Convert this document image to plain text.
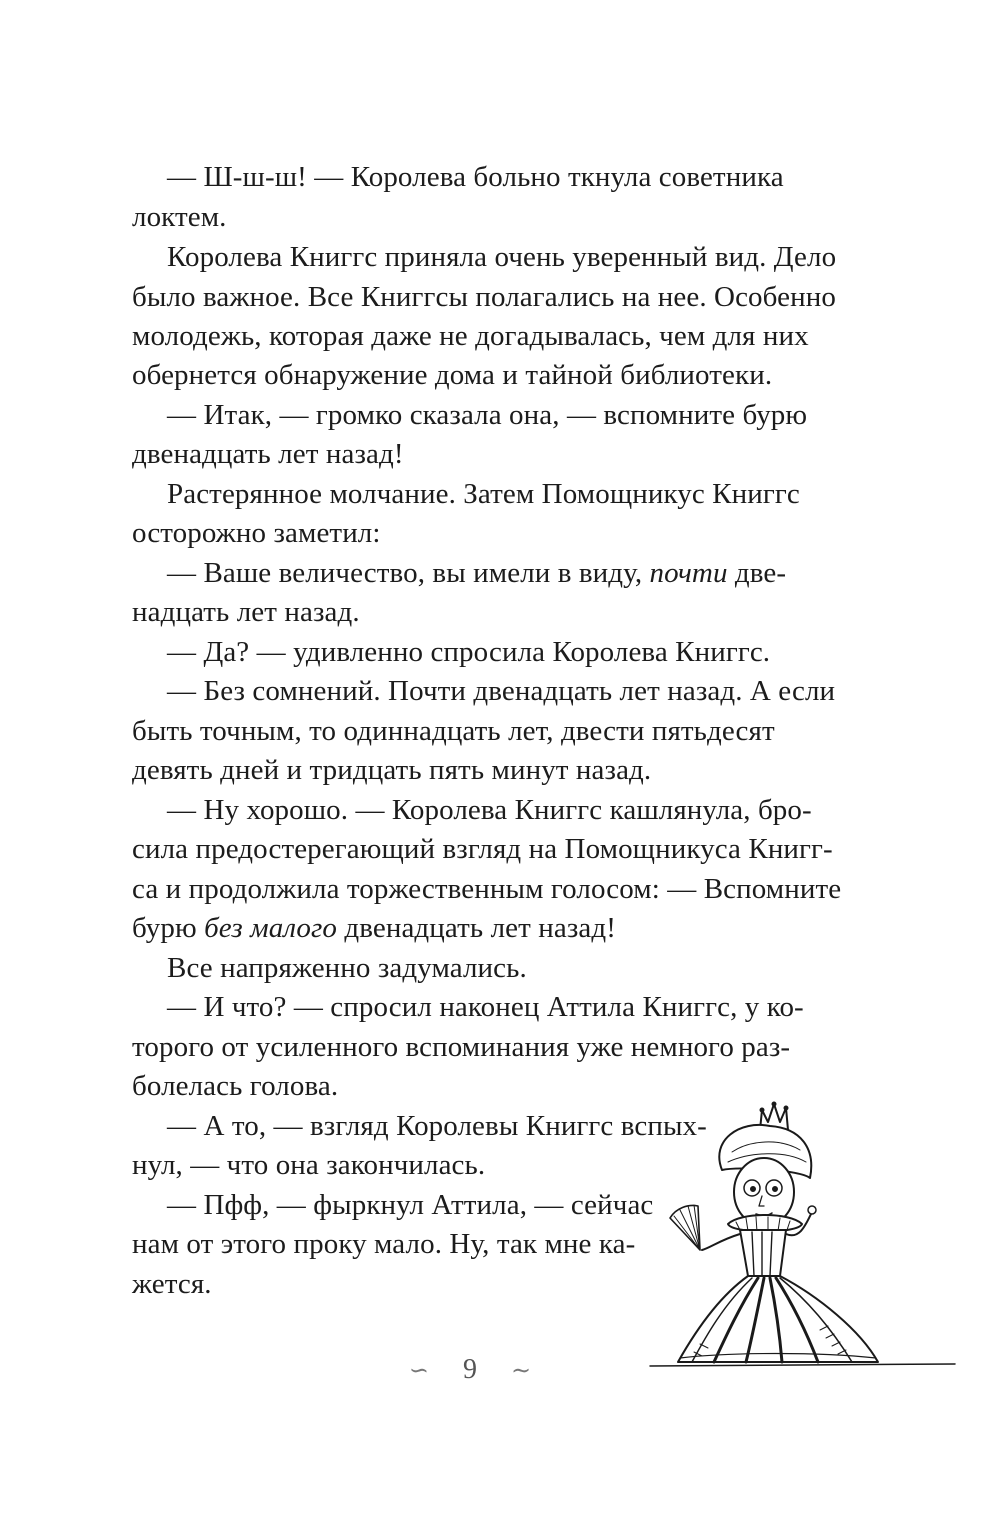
— Ш-ш-ш! — Королева больно ткнула советника
локтем.
Королева Книггс приняла очень уверенный вид. Дело
было важное. Все Книггсы полагались на нее. Особенно
молодежь, которая даже не догадывалась, чем для них
обернется обнаружение дома и тайной библиотеки.
— Итак, — громко сказала она, — вспомните бурю
двенадцать лет назад!
Растерянное молчание. Затем Помощникус Книггс
осторожно заметил:
— Ваше величество, вы имели в виду, почти две-
надцать лет назад.
— Да? — удивленно спросила Королева Книггс.
— Без сомнений. Почти двенадцать лет назад. А если
быть точным, то одиннадцать лет, двести пятьдесят
девять дней и тридцать пять минут назад.
— Ну хорошо. — Королева Книггс кашлянула, бро-
сила предостерегающий взгляд на Помощникуса Книгг-
са и продолжила торжественным голосом: — Вспомните
бурю без малого двенадцать лет назад!
Все напряженно задумались.
— И что? — спросил наконец Аттила Книггс, у ко-
торого от усиленного вспоминания уже немного раз-
болелась голова.
— А то, — взгляд Королевы Книггс вспых-
нул, — что она закончилась.
— Пфф, — фыркнул Аттила, — сейчас
нам от этого проку мало. Ну, так мне ка-
жется.
∽ 9 ∼
